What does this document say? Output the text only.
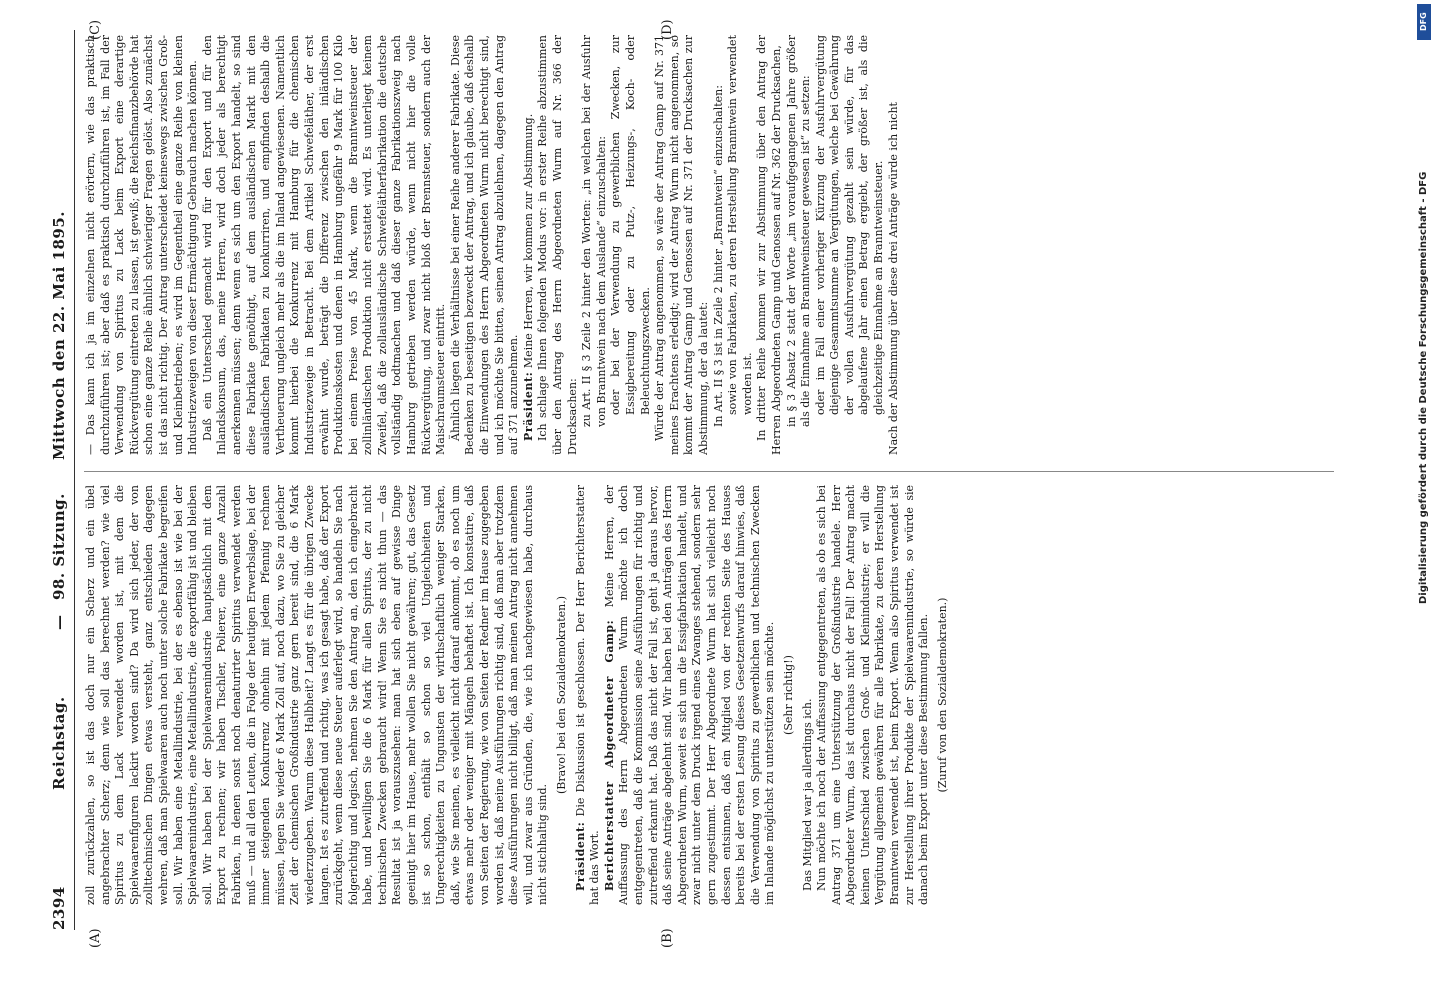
2394
Reichstag.
—
98. Sitzung.
Mittwoch den 22. Mai 1895.
(A)	(B)
(C)	(D)

zoll zurückzahlen, so ist das doch nur ein Scherz und ein übel angebrachter Scherz; denn wie soll das berechnet werden? wie viel Spiritus zu dem Lack verwendet worden ist, mit dem die Spielwaarenfiguren lackirt worden sind? Da wird sich jeder, der von zollttechnischen Dingen etwas versteht, ganz entschieden dagegen wehren, daß man Spielwaaren auch noch unter solche Fabrikate begreifen soll. Wir haben eine Metallindustrie, bei der es ebenso ist wie bei der Spielwaarenindustrie, eine Metallindustrie, die exportfähig ist und bleiben soll. Wir haben bei der Spielwaarenindustrie hauptsächlich mit dem Export zu rechnen; wir haben Tischler, Polierer, eine ganze Anzahl Fabriken, in denen sonst noch denaturirter Spiritus verwendet werden muß — und all den Leuten, die in Folge der heutigen Erwerbslage, bei der immer steigenden Konkurrenz ohnehin mit jedem Pfennig rechnen müssen, legen Sie wieder 6 Mark Zoll auf, noch dazu, wo Sie zu gleicher Zeit der chemischen Großindustrie ganz gern bereit sind, die 6 Mark wiederzugeben. Warum diese Halbheit? Langt es für die übrigen Zwecke langen. Ist es zutreffend und richtig, was ich gesagt habe, daß der Export zurückgeht, wenn diese neue Steuer auferlegt wird, so handeln Sie nach folgerichtig und logisch, nehmen Sie den Antrag an, den ich eingebracht habe, und bewilligen Sie die 6 Mark für allen Spiritus, der zu nicht technischen Zwecken gebraucht wird! Wenn Sie es nicht thun — das Resultat ist ja vorauszusehen: man hat sich eben auf gewisse Dinge geeinigt hier im Hause, mehr wollen Sie nicht gewähren; gut, das Gesetz ist so schon, enthält so schon so viel Ungleichheiten und Ungerechtigkeiten zu Ungunsten der wirthschaftlich weniger Starken, daß, wie Sie meinen, es vielleicht nicht darauf ankommt, ob es noch um etwas mehr oder weniger mit Mängeln behaftet ist. Ich konstatire, daß von Seiten der Regierung, wie von Seiten der Redner im Hause zugegeben worden ist, daß meine Ausführungen richtig sind, daß man aber trotzdem diese Ausführungen nicht billigt, daß man meinen Antrag nicht annehmen will, und zwar aus Gründen, die, wie ich nachgewiesen habe, durchaus nicht stichhaltig sind.

(Bravo! bei den Sozialdemokraten.)

Präsident: Die Diskussion ist geschlossen. Der Herr Berichterstatter hat das Wort. Berichterstatter Abgeordneter Gamp: Meine Herren, der Auffassung des Herrn Abgeordneten Wurm möchte ich doch entgegentreten, daß die Kommission seine Ausführungen für richtig und zutreffend erkannt hat. Daß das nicht der Fall ist, geht ja daraus hervor, daß seine Anträge abgelehnt sind. Wir haben bei den Anträgen des Herrn Abgeordneten Wurm, soweit es sich um die Essigfabrikation handelt, und zwar nicht unter dem Druck irgend eines Zwanges stehend, sondern sehr gern zugestimmt. Der Herr Abgeordnete Wurm hat sich vielleicht noch dessen entsinnen, daß ein Mitglied von der rechten Seite des Hauses bereits bei der ersten Lesung dieses Gesetzentwurfs darauf hinwies, daß die Verwendung von Spiritus zu gewerblichen und technischen Zwecken im Inlande möglichst zu unterstützen sein möchte. (Sehr richtig!)

Das Mitglied war ja allerdings ich. Nun möchte ich noch der Auffassung entgegentreten, als ob es sich bei Antrag 371 um eine Unterstützung der Großindustrie handele. Herr Abgeordneter Wurm, das ist durchaus nicht der Fall! Der Antrag macht keinen Unterschied zwischen Groß- und Kleinindustrie; er will die Vergütung allgemein gewähren für alle Fabrikate, zu deren Herstellung Branntwein verwendet ist, beim Export. Wenn also Spiritus verwendet ist zur Herstellung ihrer Produkte der Spielwaarenindustrie, so würde sie danach beim Export unter diese Bestimmung fallen. (Zuruf von den Sozialdemokraten.)

— Das kann ich ja im einzelnen nicht erörtern, wie das praktisch durchzuführen ist; aber daß es praktisch durchzuführen ist, im Fall der Verwendung von Spiritus zu Lack beim Export eine derartige Rückvergütung eintreten zu lassen, ist gewiß; die Reichsfinanzbehörde hat schon eine ganze Reihe ähnlich schwieriger Fragen gelöst. Also zunächst ist das nicht richtig. Der Antrag unterscheidet keineswegs zwischen Groß- und Kleinbetrieben; es wird im Gegentheil eine ganze Reihe von kleinen Industriezweigen von dieser Ermächtigung Gebrauch machen können. Daß ein Unterschied gemacht wird für den Export und für den Inlandskonsum, das, meine Herren, wird doch jeder als berechtigt anerkennen müssen; denn wenn es sich um den Export handelt, so sind diese Fabrikate genöthigt, auf dem ausländischen Markt mit den ausländischen Fabrikaten zu konkurriren, und empfinden deshalb die Vertheuerung ungleich mehr als die im Inland angewiesenen. Namentlich kommt hierbei die Konkurrenz mit Hamburg für die chemischen Industriezweige in Betracht. Bei dem Artikel Schwefeläther, der erst erwähnt wurde, beträgt die Differenz zwischen den inländischen Produktionskosten und denen in Hamburg ungefähr 9 Mark für 100 Kilo bei einem Preise von 45 Mark, wenn die Branntweinsteuer der zollinländischen Produktion nicht erstattet wird. Es unterliegt keinem Zweifel, daß die zollausländische Schwefelätherfabrikation die deutsche vollständig todtmachen und daß dieser ganze Fabrikationszweig nach Hamburg getrieben werden würde, wenn nicht hier die volle Rückvergütung, und zwar nicht bloß der Brennsteuer, sondern auch der Maischraumsteuer eintritt. Ähnlich liegen die Verhältnisse bei einer Reihe anderer Fabrikate. Diese Bedenken zu beseitigen bezweckt der Antrag, und ich glaube, daß deshalb die Einwendungen des Herrn Abgeordneten Wurm nicht berechtigt sind, und ich möchte Sie bitten, seinen Antrag abzulehnen, dagegen den Antrag auf 371 anzunehmen. Präsident: Meine Herren, wir kommen zur Abstimmung. Ich schlage Ihnen folgenden Modus vor: in erster Reihe abzustimmen über den Antrag des Herrn Abgeordneten Wurm auf Nr. 366 der Drucksachen: zu Art. II § 3 Zeile 2 hinter den Worten: „in welchen bei der Ausfuhr von Branntwein nach dem Auslande“ einzuschalten: oder bei der Verwendung zu gewerblichen Zwecken, zur Essigbereitung oder zu Putz-, Heizungs-, Koch- oder Beleuchtungszwecken. Würde der Antrag angenommen, so wäre der Antrag Gamp auf Nr. 371 meines Erachtens erledigt; wird der Antrag Wurm nicht angenommen, so kommt der Antrag Gamp und Genossen auf Nr. 371 der Drucksachen zur Abstimmung, der da lautet: In Art. II § 3 ist in Zeile 2 hinter „Branntwein“ einzuschalten: sowie von Fabrikaten, zu deren Herstellung Branntwein verwendet worden ist. In dritter Reihe kommen wir zur Abstimmung über den Antrag der Herren Abgeordneten Gamp und Genossen auf Nr. 362 der Drucksachen, in § 3 Absatz 2 statt der Worte „im voraufgegangenen Jahre größer als die Einnahme an Branntweinsteuer gewesen ist“ zu setzen: oder im Fall einer vorheriger Kürzung der Ausfuhrvergütung diejenige Gesammtsumme an Vergütungen, welche bei Gewährung der vollen Ausfuhrvergütung gezahlt sein würde, für das abgelaufene Jahr einen Betrag ergiebt, der größer ist, als die gleichzeitige Einnahme an Branntweinsteuer. Nach der Abstimmung über diese drei Anträge würde ich nicht

DFG
Digitalisierung gefördert durch die Deutsche Forschungsgemeinschaft - DFG
